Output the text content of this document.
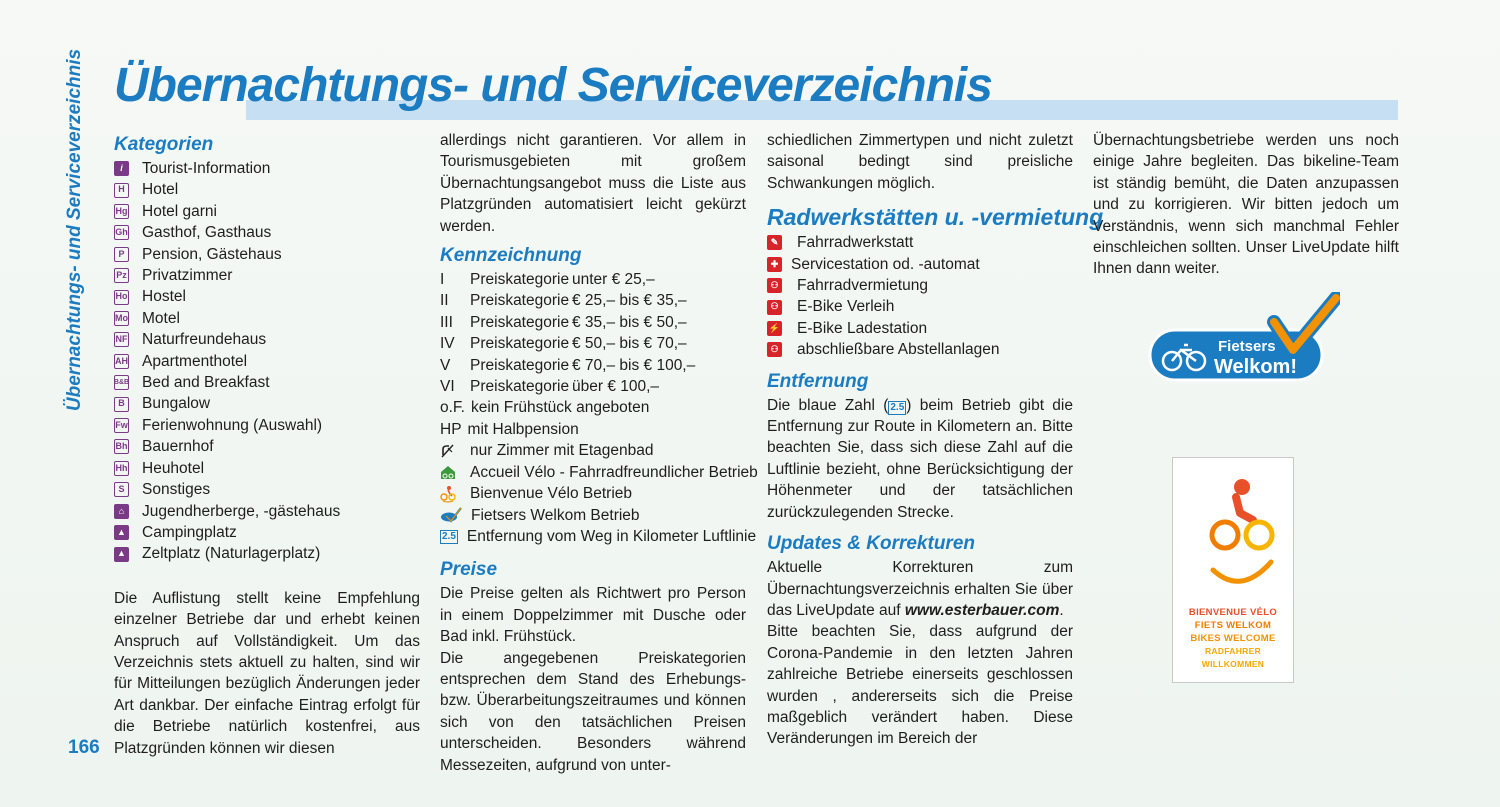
Übernachtungs- und Serviceverzeichnis
166
Übernachtungs- und Serviceverzeichnis
Kategorien
i	Tourist-Information
H Hotel
Hg Hotel garni
Gh Gasthof, Gasthaus
P Pension, Gästehaus
Pz Privatzimmer
Ho Hostel
Mo Motel
NF Naturfreundehaus
AH Apartmenthotel
B&B Bed and Breakfast
B Bungalow
Fw Ferienwohnung (Auswahl)
Bh Bauernhof
Hh Heuhotel
S Sonstiges
⌂	Jugendherberge, -gästehaus
▲ Campingplatz
▲ Zeltplatz (Naturlagerplatz)

Die Auflistung stellt keine Empfehlung einzelner Betriebe dar und erhebt keinen Anspruch auf Vollständigkeit. Um das Verzeichnis stets aktuell zu halten, sind wir für Mitteilungen bezüglich Änderungen jeder Art dankbar. Der einfache Eintrag erfolgt für die Betriebe natürlich kostenfrei, aus Platzgründen können wir diesen

allerdings nicht garantieren. Vor allem in Tourismusgebieten mit großem Übernachtungsangebot muss die Liste aus Platzgründen automatisiert leicht gekürzt werden.

Kennzeichnung
I	Preiskategorie unter € 25,–
II	Preiskategorie € 25,– bis € 35,–
III	Preiskategorie € 35,– bis € 50,–
IV Preiskategorie € 50,– bis € 70,–
V	Preiskategorie € 70,– bis € 100,–
VI Preiskategorie über € 100,–
o.F. kein Frühstück angeboten
HP mit Halbpension
nur Zimmer mit Etagenbad
Accueil Vélo - Fahrradfreundlicher Betrieb
Bienvenue Vélo Betrieb
Fietsers Welkom Betrieb
2.5 Entfernung vom Weg in Kilometer Luftlinie
Preise

Die Preise gelten als Richtwert pro Person in einem Doppelzimmer mit Dusche oder Bad inkl. Frühstück.

Die angegebenen Preiskategorien entsprechen dem Stand des Erhebungs- bzw. Überarbeitungszeitraumes und können sich von den tatsächlichen Preisen unterscheiden. Besonders während Messezeiten, aufgrund von unter-

schiedlichen Zimmertypen und nicht zuletzt saisonal bedingt sind preisliche Schwankungen möglich.

Radwerkstätten u. -vermietung
✎ Fahrradwerkstatt
✚ Servicestation od. -automat
⚇ Fahrradvermietung
⚇ E-Bike Verleih
⚡ E-Bike Ladestation
⚇ abschließbare Abstellanlagen
Entfernung

Die blaue Zahl ( 2.5 ) beim Betrieb gibt die Entfernung zur Route in Kilometern an. Bitte beachten Sie, dass sich diese Zahl auf die Luftlinie bezieht, ohne Berücksichtigung der Höhenmeter und der tatsächlichen zurückzulegenden Strecke.

Updates & Korrekturen

Aktuelle Korrekturen zum Übernachtungsverzeichnis erhalten Sie über das LiveUpdate auf www.esterbauer.com.

Bitte beachten Sie, dass aufgrund der Corona-Pandemie in den letzten Jahren zahlreiche Betriebe einerseits geschlossen wurden , andererseits sich die Preise maßgeblich verändert haben. Diese Veränderungen im Bereich der

Übernachtungsbetriebe werden uns noch einige Jahre begleiten. Das bikeline-Team ist ständig bemüht, die Daten anzupassen und zu korrigieren. Wir bitten jedoch um Verständnis, wenn sich manchmal Fehler einschleichen sollten. Unser LiveUpdate hilft Ihnen dann weiter.

Fietsers
Welkom!
BIENVENUE VÉLO
FIETS WELKOM
BIKES WELCOME
RADFAHRER WILLKOMMEN
